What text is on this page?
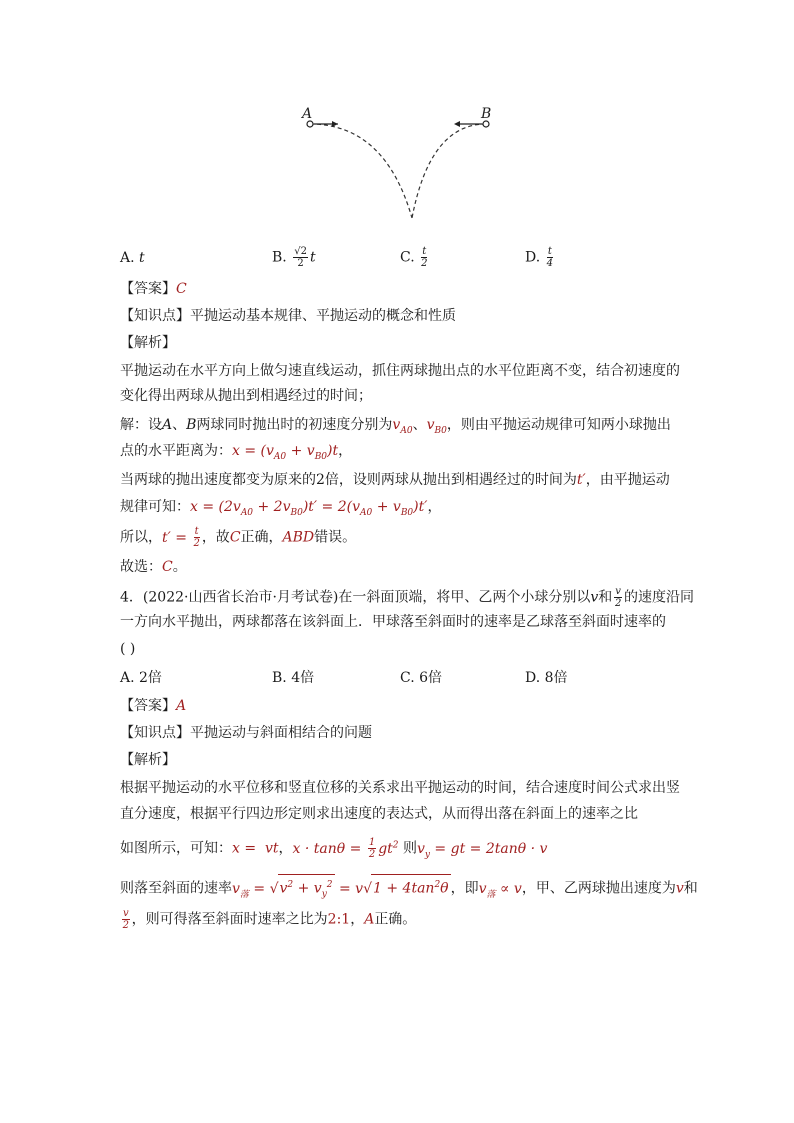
A	B
A. t	B. $\frac{√2}{2}$ t	C. $\frac{t}{2}$	D. $\frac{t}{4}$
【答案】C
【知识点】平抛运动基本规律、平抛运动的概念和性质
【解析】
平抛运动在水平方向上做匀速直线运动，抓住两球抛出点的水平位距离不变，结合初速度的
变化得出两球从抛出到相遇经过的时间；
解：设A、B两球同时抛出时的初速度分别为$v_{A0}$、$v_{B0}$，则由平抛运动规律可知两小球抛出
点的水平距离为：$x = (v_{A0} + v_{B0})t$，
当两球的抛出速度都变为原来的2倍，设则两球从抛出到相遇经过的时间为t′，由平抛运动
规律可知：$x = (2v_{A0} + 2v_{B0})t' = 2(v_{A0} + v_{B0})t'$，
所以，$t' = \frac{t}{2}$ ，故C正确，ABD错误。
故选：C。
4．(2022·山西省长治市·月考试卷)在一斜面顶端，将甲、乙两个小球分别以v和 $\frac{v}{2}$ 的速度沿同
一方向水平抛出，两球都落在该斜面上．甲球落至斜面时的速率是乙球落至斜面时速率的
( )
A. 2倍	B. 4倍	C. 6倍	D. 8倍
【答案】A
【知识点】平抛运动与斜面相结合的问题
【解析】
根据平抛运动的水平位移和竖直位移的关系求出平抛运动的时间，结合速度时间公式求出竖
直分速度，根据平行四边形定则求出速度的表达式，从而得出落在斜面上的速率之比
如图所示，可知：x =  vt，$x \cdot \tan\theta = \frac{1}{2} gt^2$ 则$v_y$ = gt = 2tanθ · v
则落至斜面的速率$v_落 = √v^2 + v_y^2 = v√1 + 4\tan^2\theta$ ，即$v_落 \propto v$，甲、乙两球抛出速度为v和
$\frac{v}{2}$ ，则可得落至斜面时速率之比为2:1，A正确。
